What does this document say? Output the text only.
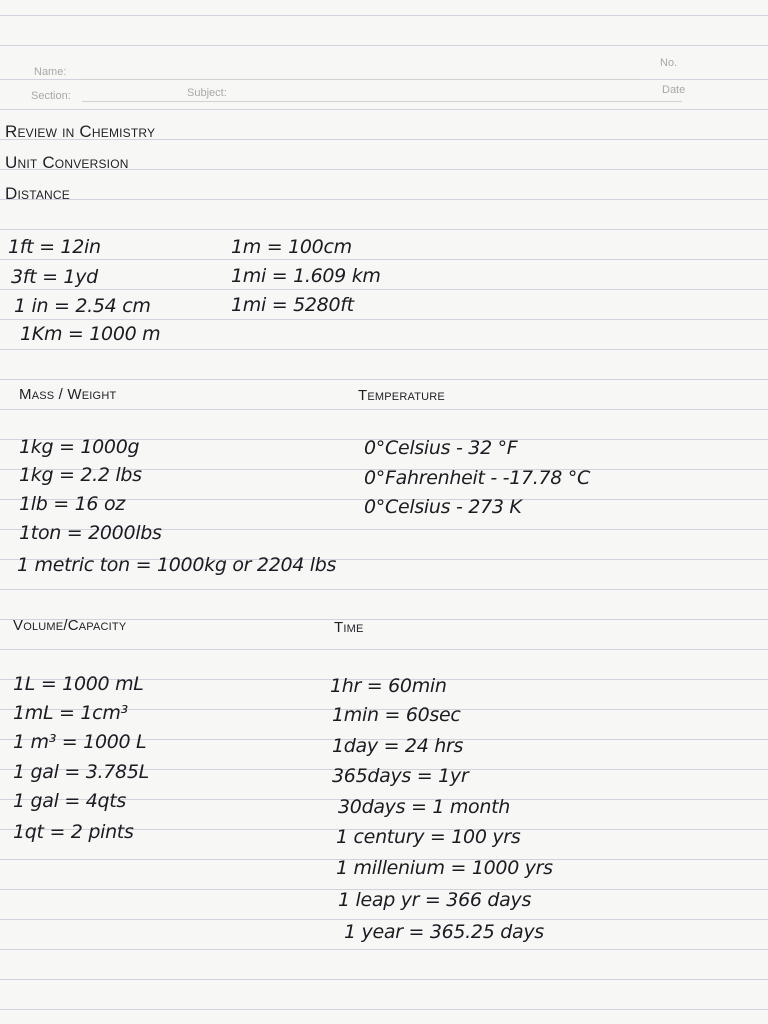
Name:
Section:	Subject:
No.
Date
Review in Chemistry
Unit Conversion
Distance
1ft = 12in
3ft = 1yd
1 in = 2.54 cm
1Km = 1000 m
1m = 100cm
1mi = 1.609 km
1mi = 5280ft
Mass / Weight
1kg = 1000g
1kg = 2.2 lbs
1lb = 16 oz
1ton = 2000lbs
1 metric ton = 1000kg or 2204 lbs
Temperature
0°Celsius - 32 °F
0°Fahrenheit - -17.78 °C
0°Celsius - 273 K
Volume/Capacity
1L = 1000 mL
1mL = 1cm³
1 m³ = 1000 L
1 gal = 3.785L
1 gal = 4qts
1qt = 2 pints
Time
1hr = 60min
1min = 60sec
1day = 24 hrs
365days = 1yr
30days = 1 month
1 century = 100 yrs
1 millenium = 1000 yrs
1 leap yr = 366 days
1 year = 365.25 days
